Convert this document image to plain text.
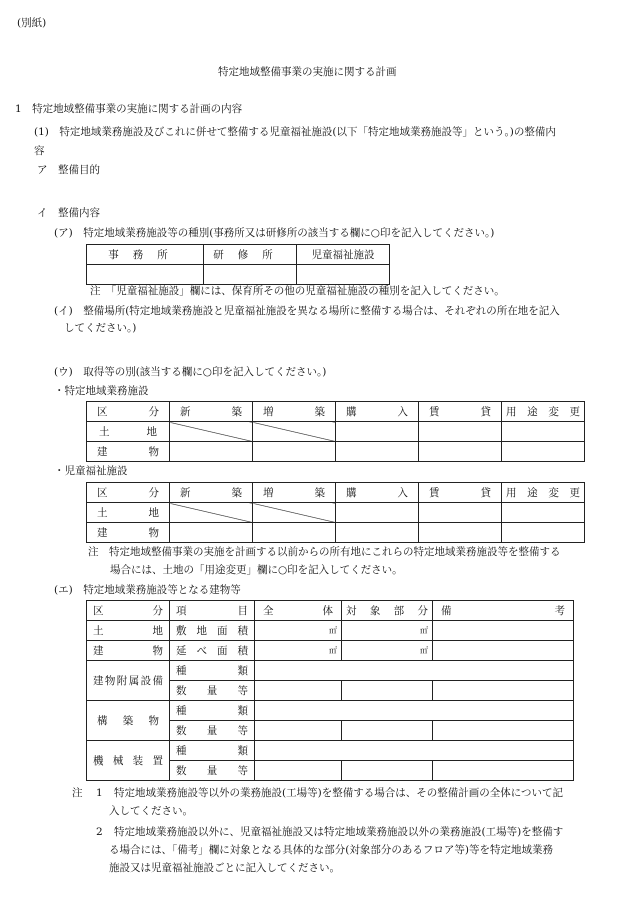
(別紙)
特定地域整備事業の実施に関する計画
1　特定地域整備事業の実施に関する計画の内容
(1)　特定地域業務施設及びこれに併せて整備する児童福祉施設(以下「特定地域業務施設等」という。)の整備内
容
ア　整備目的
イ　整備内容
(ア)　特定地域業務施設等の種別(事務所又は研修所の該当する欄に○印を記入してください。)
事務所	研修所	児童福祉施設

注　「児童福祉施設」欄には、保育所その他の児童福祉施設の種別を記入してください。
(イ)　整備場所(特定地域業務施設と児童福祉施設を異なる場所に整備する場合は、それぞれの所在地を記入
してください。)
(ウ)　取得等の別(該当する欄に○印を記入してください。)
・特定地域業務施設
区分	新築	増築	購入	賃貸	用途変更

土地					

建物					
・児童福祉施設
区分	新築	増築	購入	賃貸	用途変更
土地					
建物					
注　特定地域整備事業の実施を計画する以前からの所有地にこれらの特定地域業務施設等を整備する
場合には、土地の「用途変更」欄に○印を記入してください。
(エ)　特定地域業務施設等となる建物等
区分	項目	全体	対象部分	備考
土地	敷地面積	㎡	㎡	
建物	延べ面積	㎡	㎡	
建物附属設備	種類			
	数量等			
構築物	種類			
	数量等			
機械装置	種類			
	数量等			
注 1 特定地域業務施設等以外の業務施設(工場等)を整備する場合は、その整備計画の全体について記
入してください。
2 特定地域業務施設以外に、児童福祉施設又は特定地域業務施設以外の業務施設(工場等)を整備す
る場合には、「備考」欄に対象となる具体的な部分(対象部分のあるフロア等)等を特定地域業務
施設又は児童福祉施設ごとに記入してください。
